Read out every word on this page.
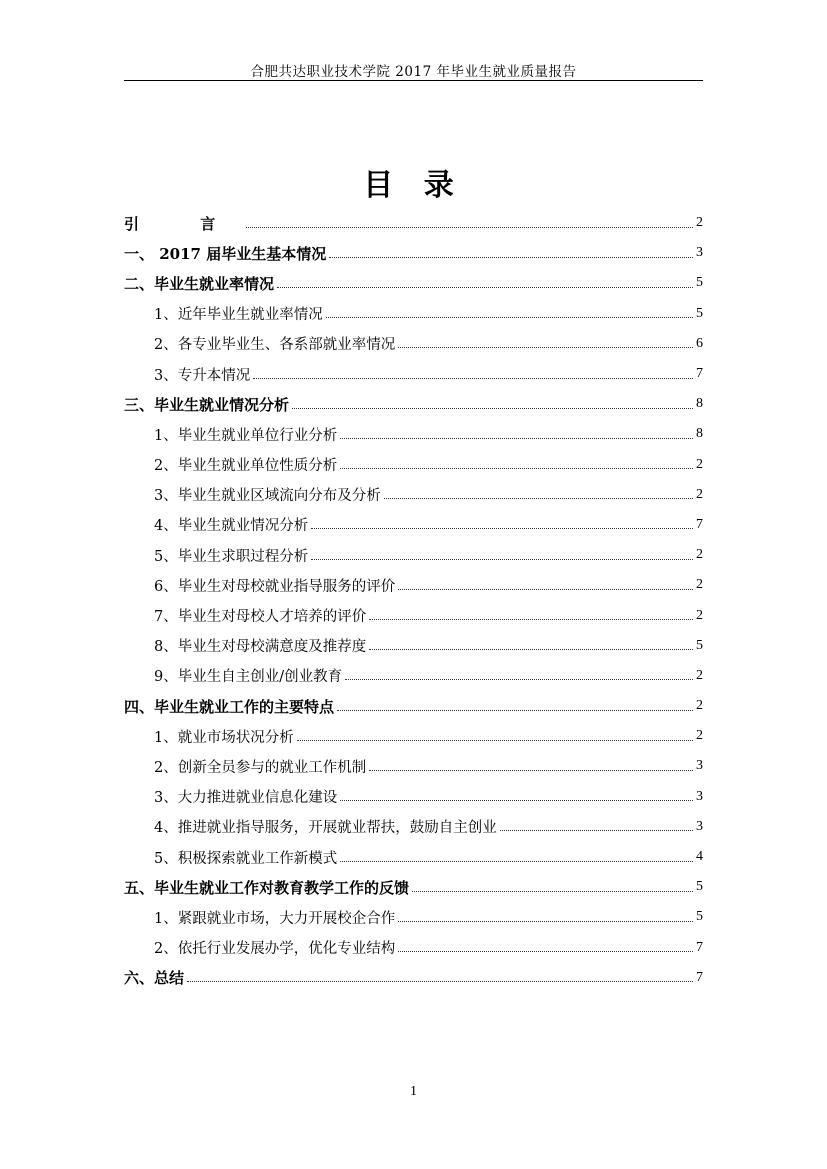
合肥共达职业技术学院 2017 年毕业生就业质量报告
目 录
引 言	2
一、 2017 届毕业生基本情况	3
二、毕业生就业率情况	5
1、近年毕业生就业率情况	5
2、各专业毕业生、各系部就业率情况	6
3、专升本情况	7
三、毕业生就业情况分析	8
1、毕业生就业单位行业分析	8
2、毕业生就业单位性质分析	2
3、毕业生就业区域流向分布及分析	2
4、毕业生就业情况分析	7
5、毕业生求职过程分析	2
6、毕业生对母校就业指导服务的评价	2
7、毕业生对母校人才培养的评价	2
8、毕业生对母校满意度及推荐度	5
9、毕业生自主创业/创业教育	2
四、毕业生就业工作的主要特点	2
1、就业市场状况分析	2
2、创新全员参与的就业工作机制	3
3、大力推进就业信息化建设	3
4、推进就业指导服务，开展就业帮扶，鼓励自主创业	3
5、积极探索就业工作新模式	4
五、毕业生就业工作对教育教学工作的反馈	5
1、紧跟就业市场，大力开展校企合作	5
2、依托行业发展办学，优化专业结构	7
六、总结	7
1
